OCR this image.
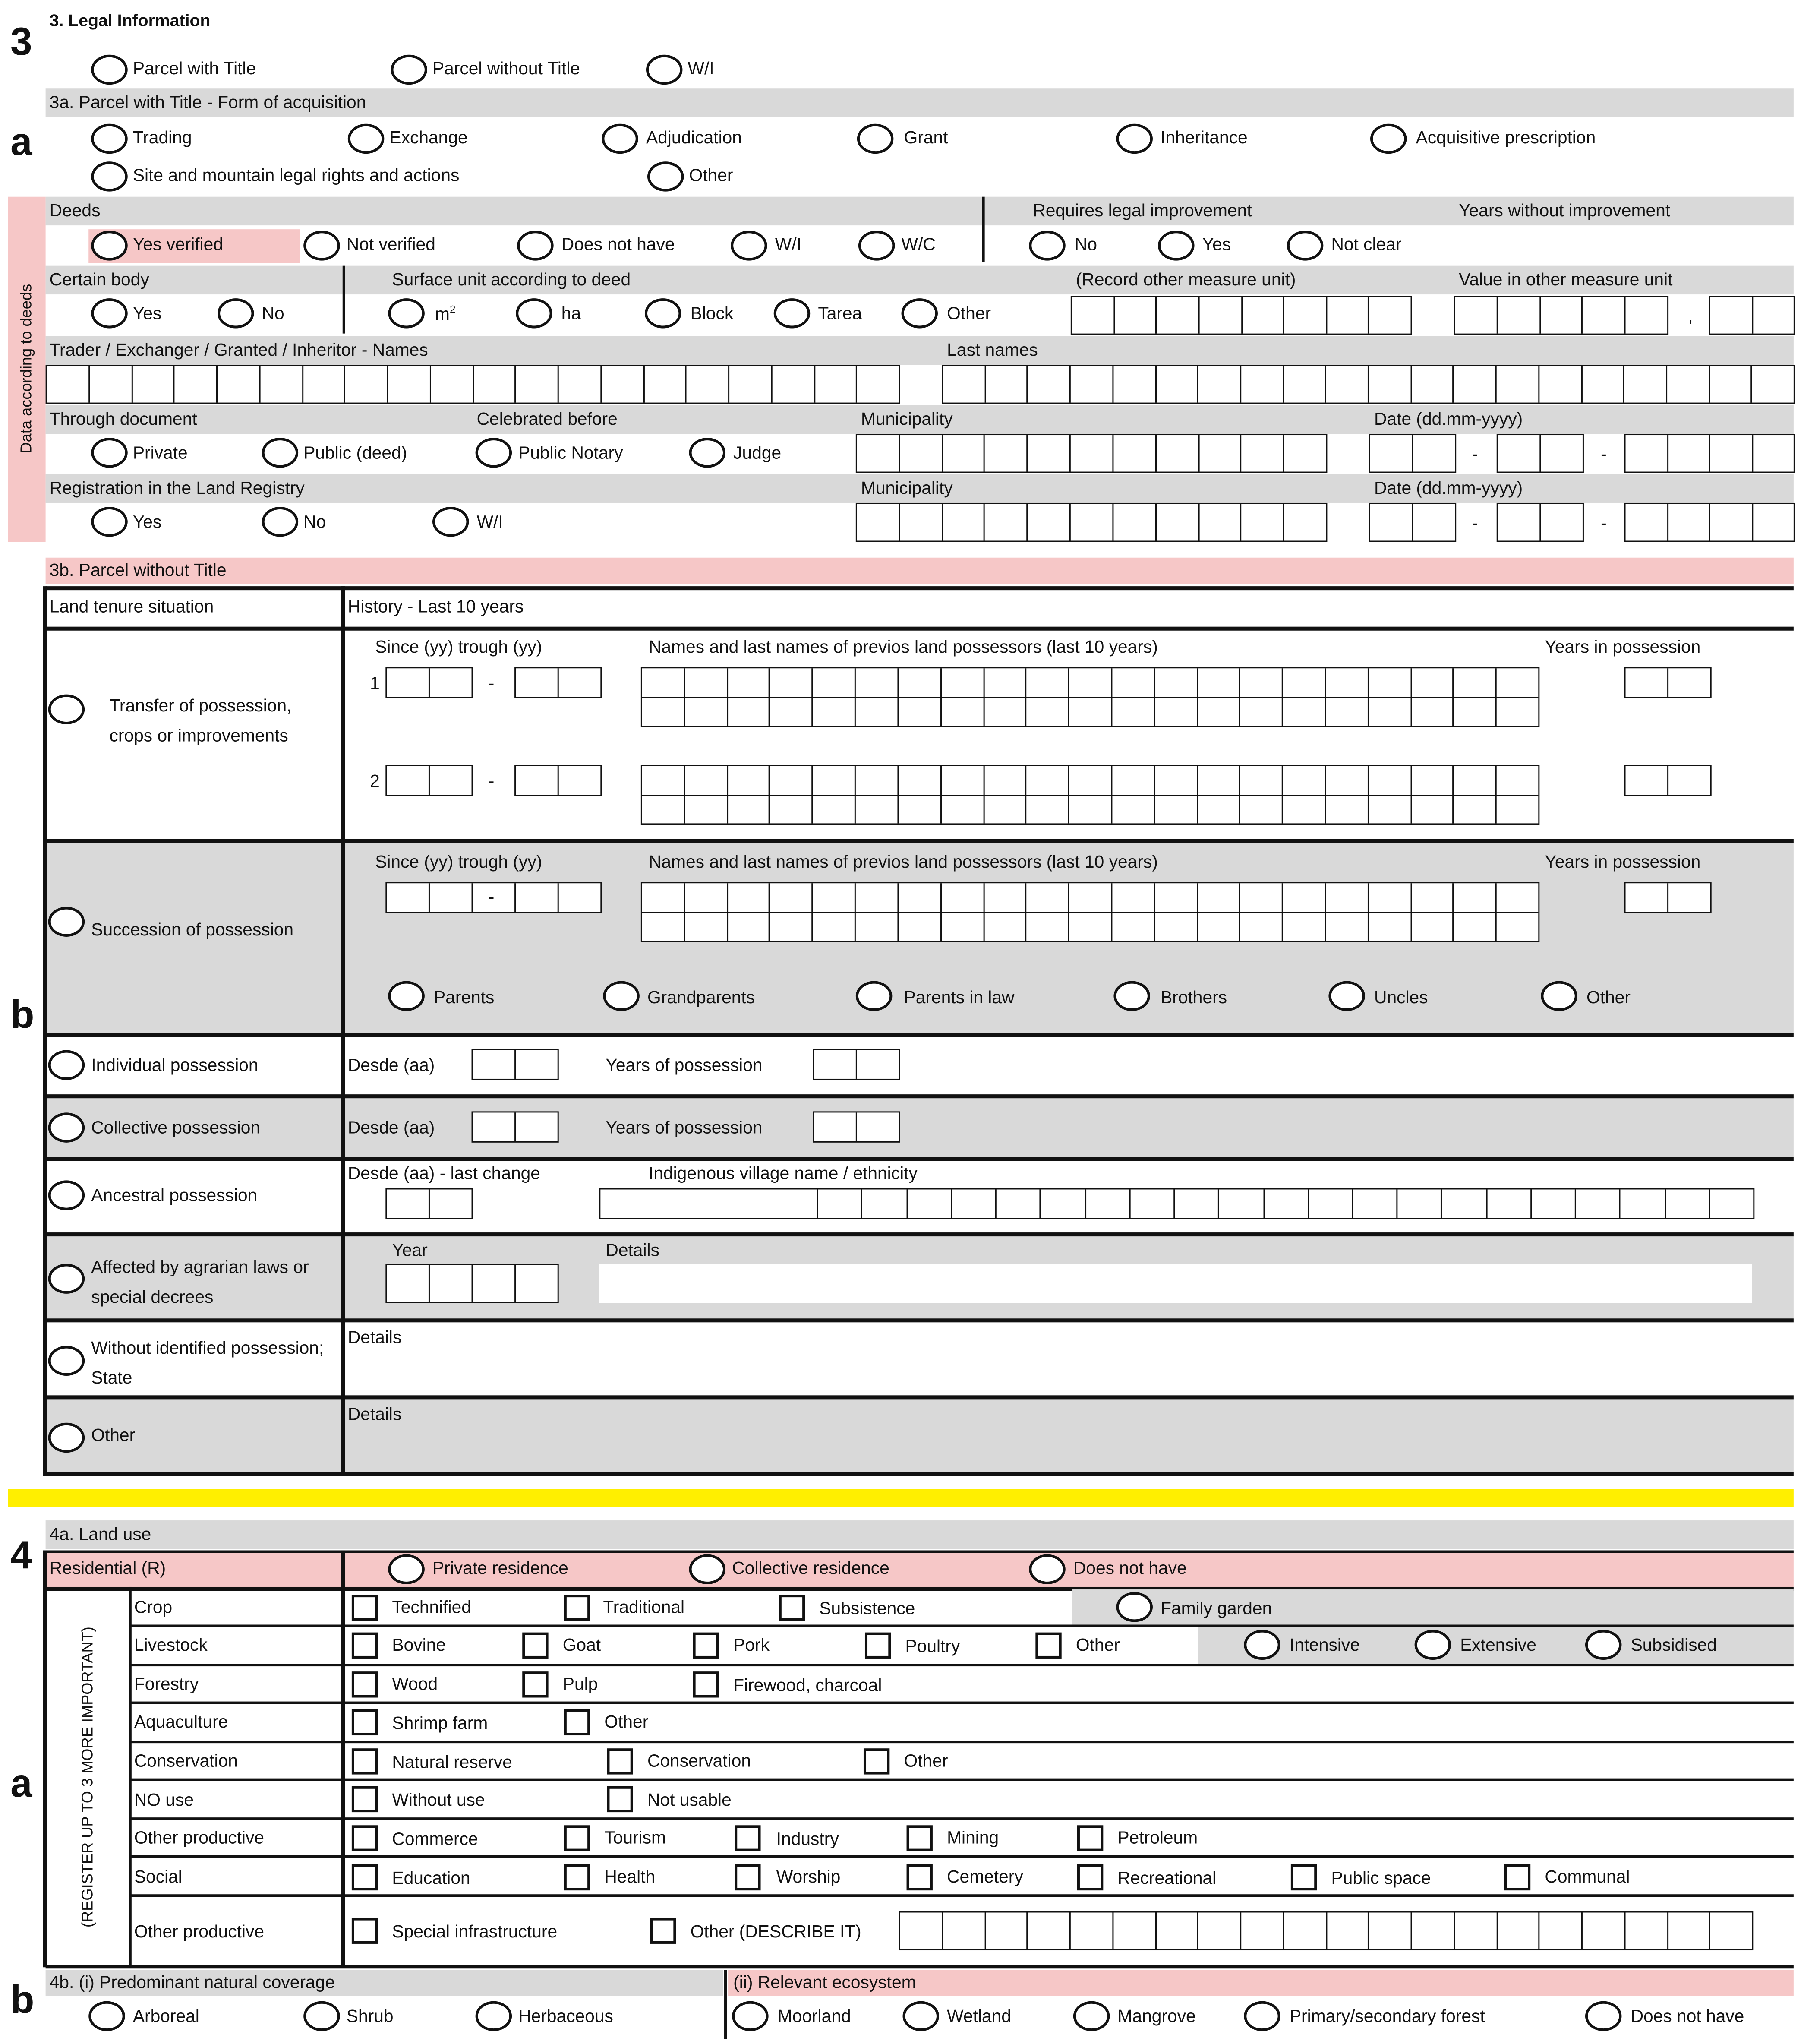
3
3. Legal Information
Parcel with Title	Parcel without Title	W/I
3a. Parcel with Title - Form of acquisition
a	Trading	Exchange	Adjudication	Grant	Inheritance	Acquisitive prescription
Site and mountain legal rights and actions	Other
Data according to deeds
Deeds	Requires legal improvement	Years without improvement
Yes verified	Not verified	Does not have	W/I	W/C	No	Yes	Not clear
Certain body	Surface unit according to deed	(Record other measure unit)	Value in other measure unit
Yes	No	$m^2$	ha	Block	Tarea	Other	,
Trader / Exchanger / Granted / Inheritor - Names	Last names
Through document	Celebrated before	Municipality	Date (dd.mm-yyyy)
Private	Public (deed)	Public Notary	Judge	-	-
Registration in the Land Registry	Municipality	Date (dd.mm-yyyy)
Yes	No	W/I	-	-
3b. Parcel without Title
b
Land tenure situation	History - Last 10 years
Transfer of possession, crops or improvements
Since (yy) trough (yy)	Names and last names of previos land possessors (last 10 years)	Years in possession
1	-
2	-
Succession of possession
Since (yy) trough (yy)	Names and last names of previos land possessors (last 10 years)	Years in possession
-
Parents	Grandparents	Parents in law	Brothers	Uncles	Other
Individual possession	Desde (aa)	Years of possession
Collective possession	Desde (aa)	Years of possession
Ancestral possession
Desde (aa) - last change	Indigenous village name / ethnicity
Affected by agrarian laws or special decrees
Year	Details
Without identified possession; State
Details
Other
Details
4
4a. Land use
Residential (R)	Private residence	Collective residence	Does not have
a	(REGISTER UP TO 3 MORE IMPORTANT)
Crop	Technified	Traditional	Subsistence	Family garden
Livestock	Bovine	Goat	Pork	Poultry	Other	Intensive	Extensive	Subsidised
Forestry	Wood	Pulp	Firewood, charcoal
Aquaculture	Shrimp farm	Other
Conservation	Natural reserve	Conservation	Other
NO use	Without use	Not usable
Other productive	Commerce	Tourism	Industry	Mining	Petroleum
Social	Education	Health	Worship	Cemetery	Recreational	Public space	Communal
Other productive	Special infrastructure	Other (DESCRIBE IT)
b	4b. (i) Predominant natural coverage	(ii) Relevant ecosystem
Arboreal	Shrub	Herbaceous	Moorland	Wetland	Mangrove	Primary/secondary forest	Does not have
